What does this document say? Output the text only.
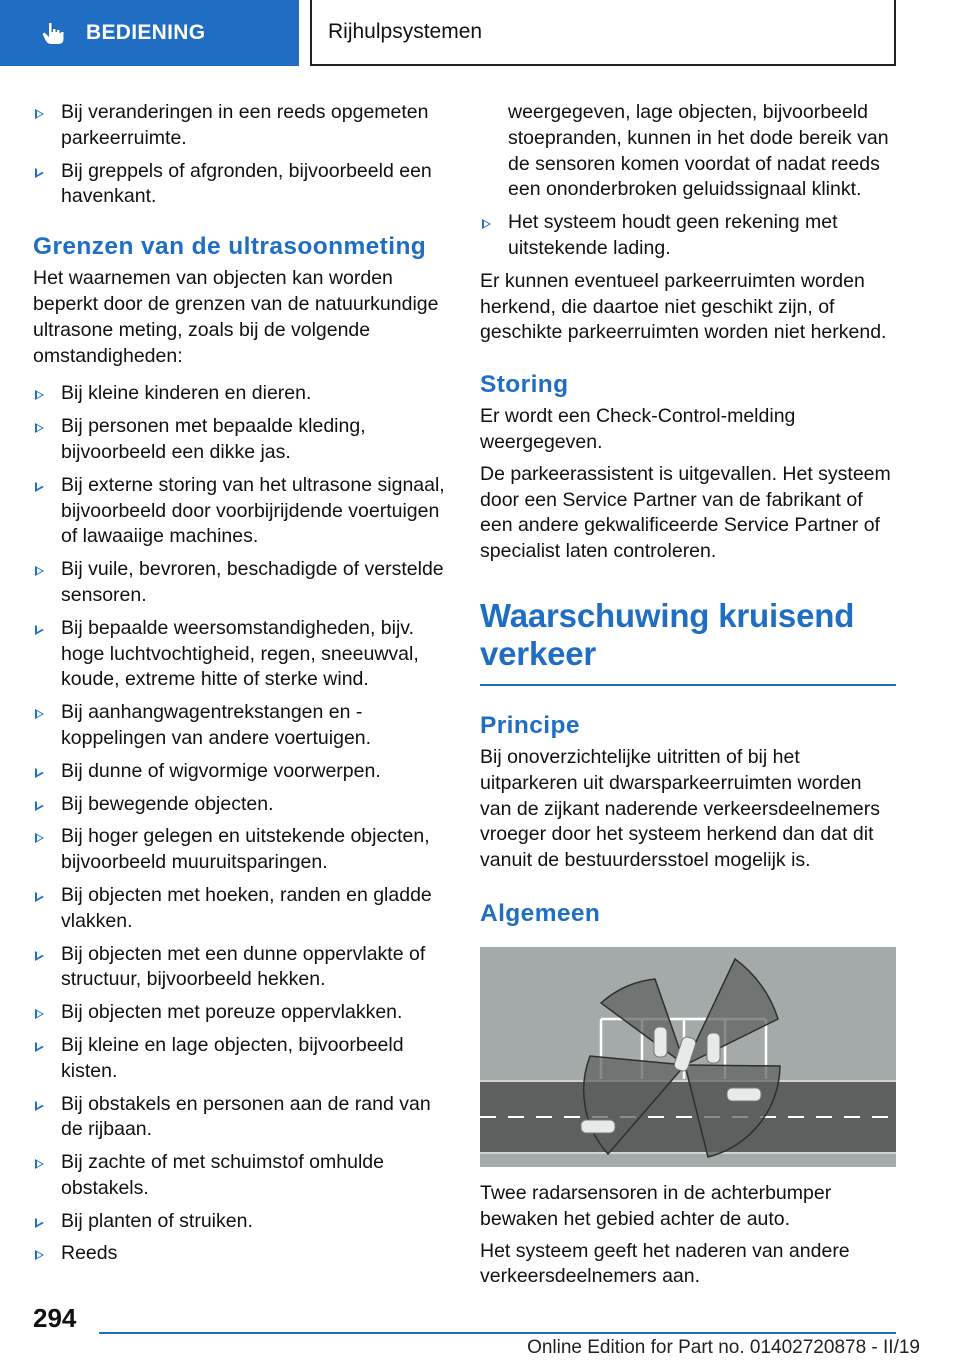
BEDIENING	Rijhulpsystemen
Bij veranderingen in een reeds opgemeten parkeerruimte.
Bij greppels of afgronden, bijvoorbeeld een havenkant.
Grenzen van de ultrasoonmeting
Het waarnemen van objecten kan worden beperkt door de grenzen van de natuurkundige ultrasone meting, zoals bij de volgende omstandigheden:
Bij kleine kinderen en dieren.
Bij personen met bepaalde kleding, bijvoorbeeld een dikke jas.
Bij externe storing van het ultrasone signaal, bijvoorbeeld door voorbijrijdende voertuigen of lawaaiige machines.
Bij vuile, bevroren, beschadigde of verstelde sensoren.
Bij bepaalde weersomstandigheden, bijv. hoge luchtvochtigheid, regen, sneeuwval, koude, extreme hitte of sterke wind.
Bij aanhangwagentrekstangen en -koppelingen van andere voertuigen.
Bij dunne of wigvormige voorwerpen.
Bij bewegende objecten.
Bij hoger gelegen en uitstekende objecten, bijvoorbeeld muuruitsparingen.
Bij objecten met hoeken, randen en gladde vlakken.
Bij objecten met een dunne oppervlakte of structuur, bijvoorbeeld hekken.
Bij objecten met poreuze oppervlakken.
Bij kleine en lage objecten, bijvoorbeeld kisten.
Bij obstakels en personen aan de rand van de rijbaan.
Bij zachte of met schuimstof omhulde obstakels.
Bij planten of struiken.
Reeds
weergegeven, lage objecten, bijvoorbeeld stoepranden, kunnen in het dode bereik van de sensoren komen voordat of nadat reeds een ononderbroken geluidssignaal klinkt.
Het systeem houdt geen rekening met uitstekende lading.
Er kunnen eventueel parkeerruimten worden herkend, die daartoe niet geschikt zijn, of geschikte parkeerruimten worden niet herkend.
Storing
Er wordt een Check-Control-melding weergegeven.
De parkeerassistent is uitgevallen. Het systeem door een Service Partner van de fabrikant of een andere gekwalificeerde Service Partner of specialist laten controleren.
Waarschuwing kruisend verkeer
Principe
Bij onoverzichtelijke uitritten of bij het uitparkeren uit dwarsparkeerruimten worden van de zijkant naderende verkeersdeelnemers vroeger door het systeem herkend dan dat dit vanuit de bestuurdersstoel mogelijk is.
Algemeen
Twee radarsensoren in de achterbumper bewaken het gebied achter de auto.
Het systeem geeft het naderen van andere verkeersdeelnemers aan.
294
Online Edition for Part no. 01402720878 - II/19
